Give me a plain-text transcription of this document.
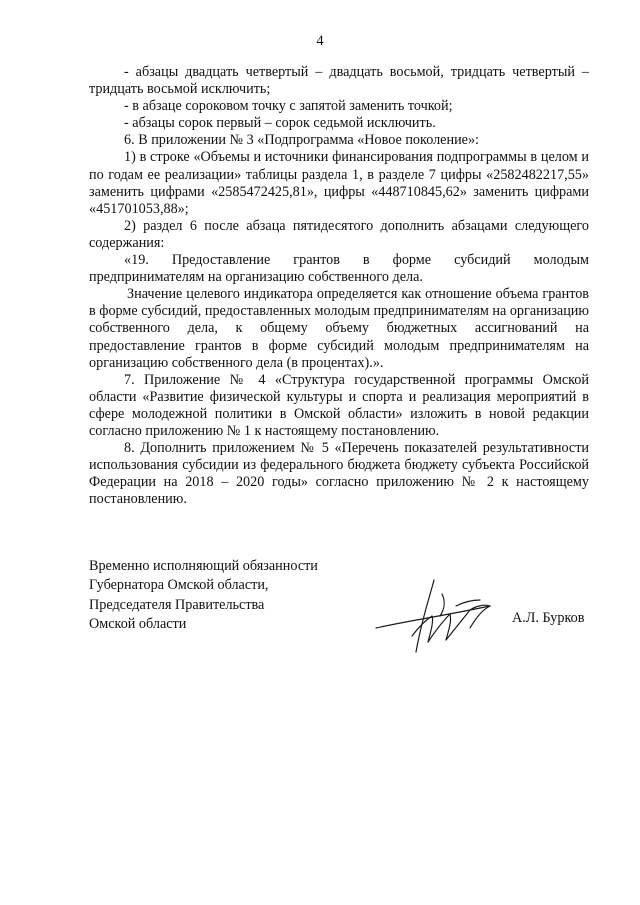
4

- абзацы двадцать четвертый – двадцать восьмой, тридцать четвертый – тридцать восьмой исключить;

- в абзаце сороковом точку с запятой заменить точкой;

- абзацы сорок первый – сорок седьмой исключить.

6. В приложении № 3 «Подпрограмма «Новое поколение»:

1) в строке «Объемы и источники финансирования подпрограммы в целом и по годам ее реализации» таблицы раздела 1, в разделе 7 цифры «2582482217,55» заменить цифрами «2585472425,81», цифры «448710845,62» заменить цифрами «451701053,88»;

2) раздел 6 после абзаца пятидесятого дополнить абзацами следующего содержания:

«19. Предоставление грантов в форме субсидий молодым предпринимателям на организацию собственного дела.

Значение целевого индикатора определяется как отношение объема грантов в форме субсидий, предоставленных молодым предпринимателям на организацию собственного дела, к общему объему бюджетных ассигнований на предоставление грантов в форме субсидий молодым предпринимателям на организацию собственного дела (в процентах).».

7. Приложение № 4 «Структура государственной программы Омской области «Развитие физической культуры и спорта и реализация мероприятий в сфере молодежной политики в Омской области» изложить в новой редакции согласно приложению № 1 к настоящему постановлению.

8. Дополнить приложением № 5 «Перечень показателей результативности использования субсидии из федерального бюджета бюджету субъекта Российской Федерации на 2018 – 2020 годы» согласно приложению № 2 к настоящему постановлению.

Временно исполняющий обязанности
Губернатора Омской области,
Председателя Правительства
Омской области	А.Л. Бурков
